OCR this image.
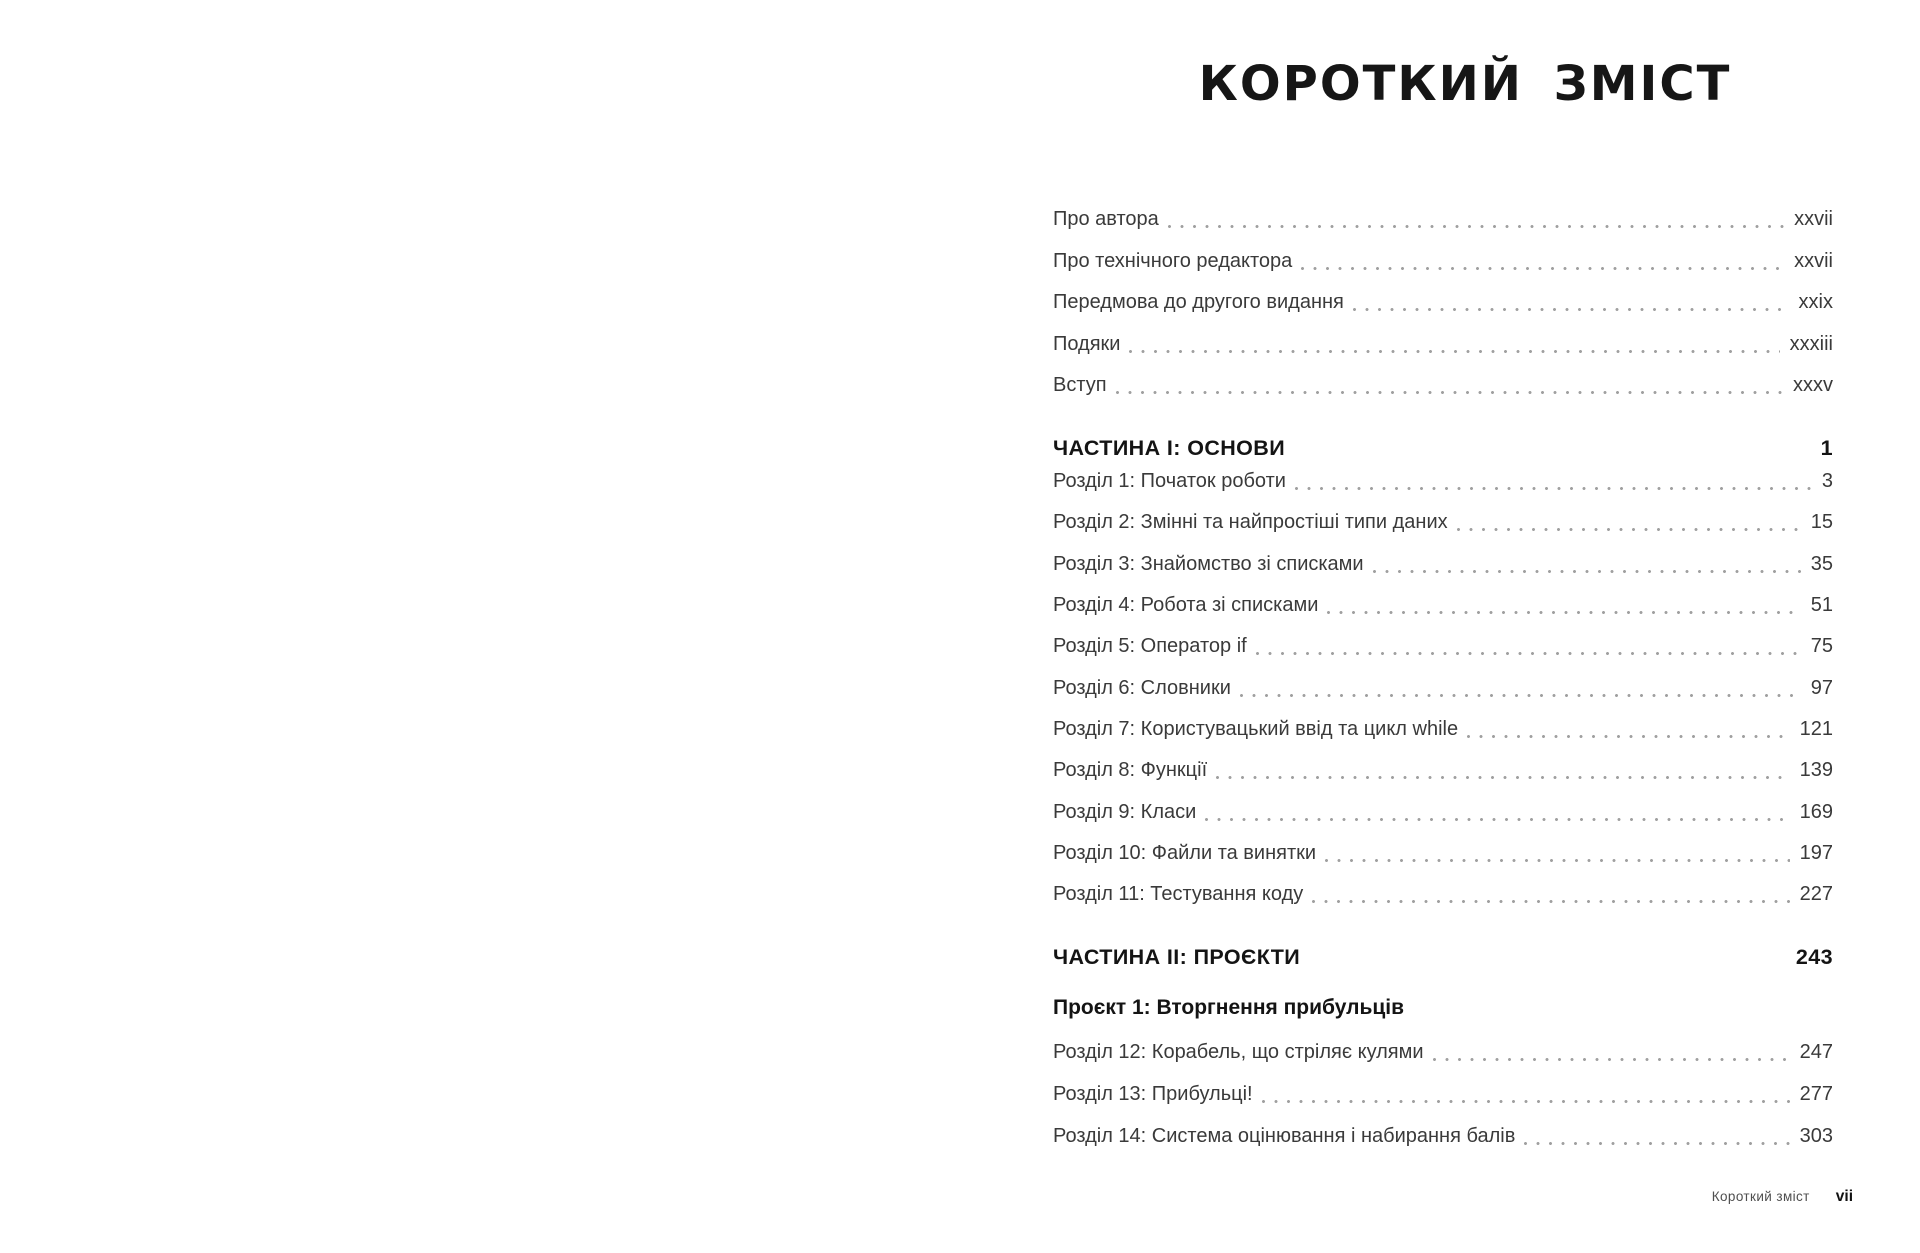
КОРОТКИЙ ЗМІСТ
Про автора	xxvii
Про технічного редактора	xxvii
Передмова до другого видання	xxix
Подяки	xxxiii
Вступ	xxxv
ЧАСТИНА І: ОСНОВИ	1
Розділ 1: Початок роботи	3
Розділ 2: Змінні та найпростіші типи даних	15
Розділ 3: Знайомство зі списками	35
Розділ 4: Робота зі списками	51
Розділ 5: Оператор if	75
Розділ 6: Словники	97
Розділ 7: Користувацький ввід та цикл while	121
Розділ 8: Функції	139
Розділ 9: Класи	169
Розділ 10: Файли та винятки	197
Розділ 11: Тестування коду	227
ЧАСТИНА ІІ: ПРОЄКТИ	243
Проєкт 1: Вторгнення прибульців
Розділ 12: Корабель, що стріляє кулями	247
Розділ 13: Прибульці!	277
Розділ 14: Система оцінювання і набирання балів	303
Короткий зміст vii
